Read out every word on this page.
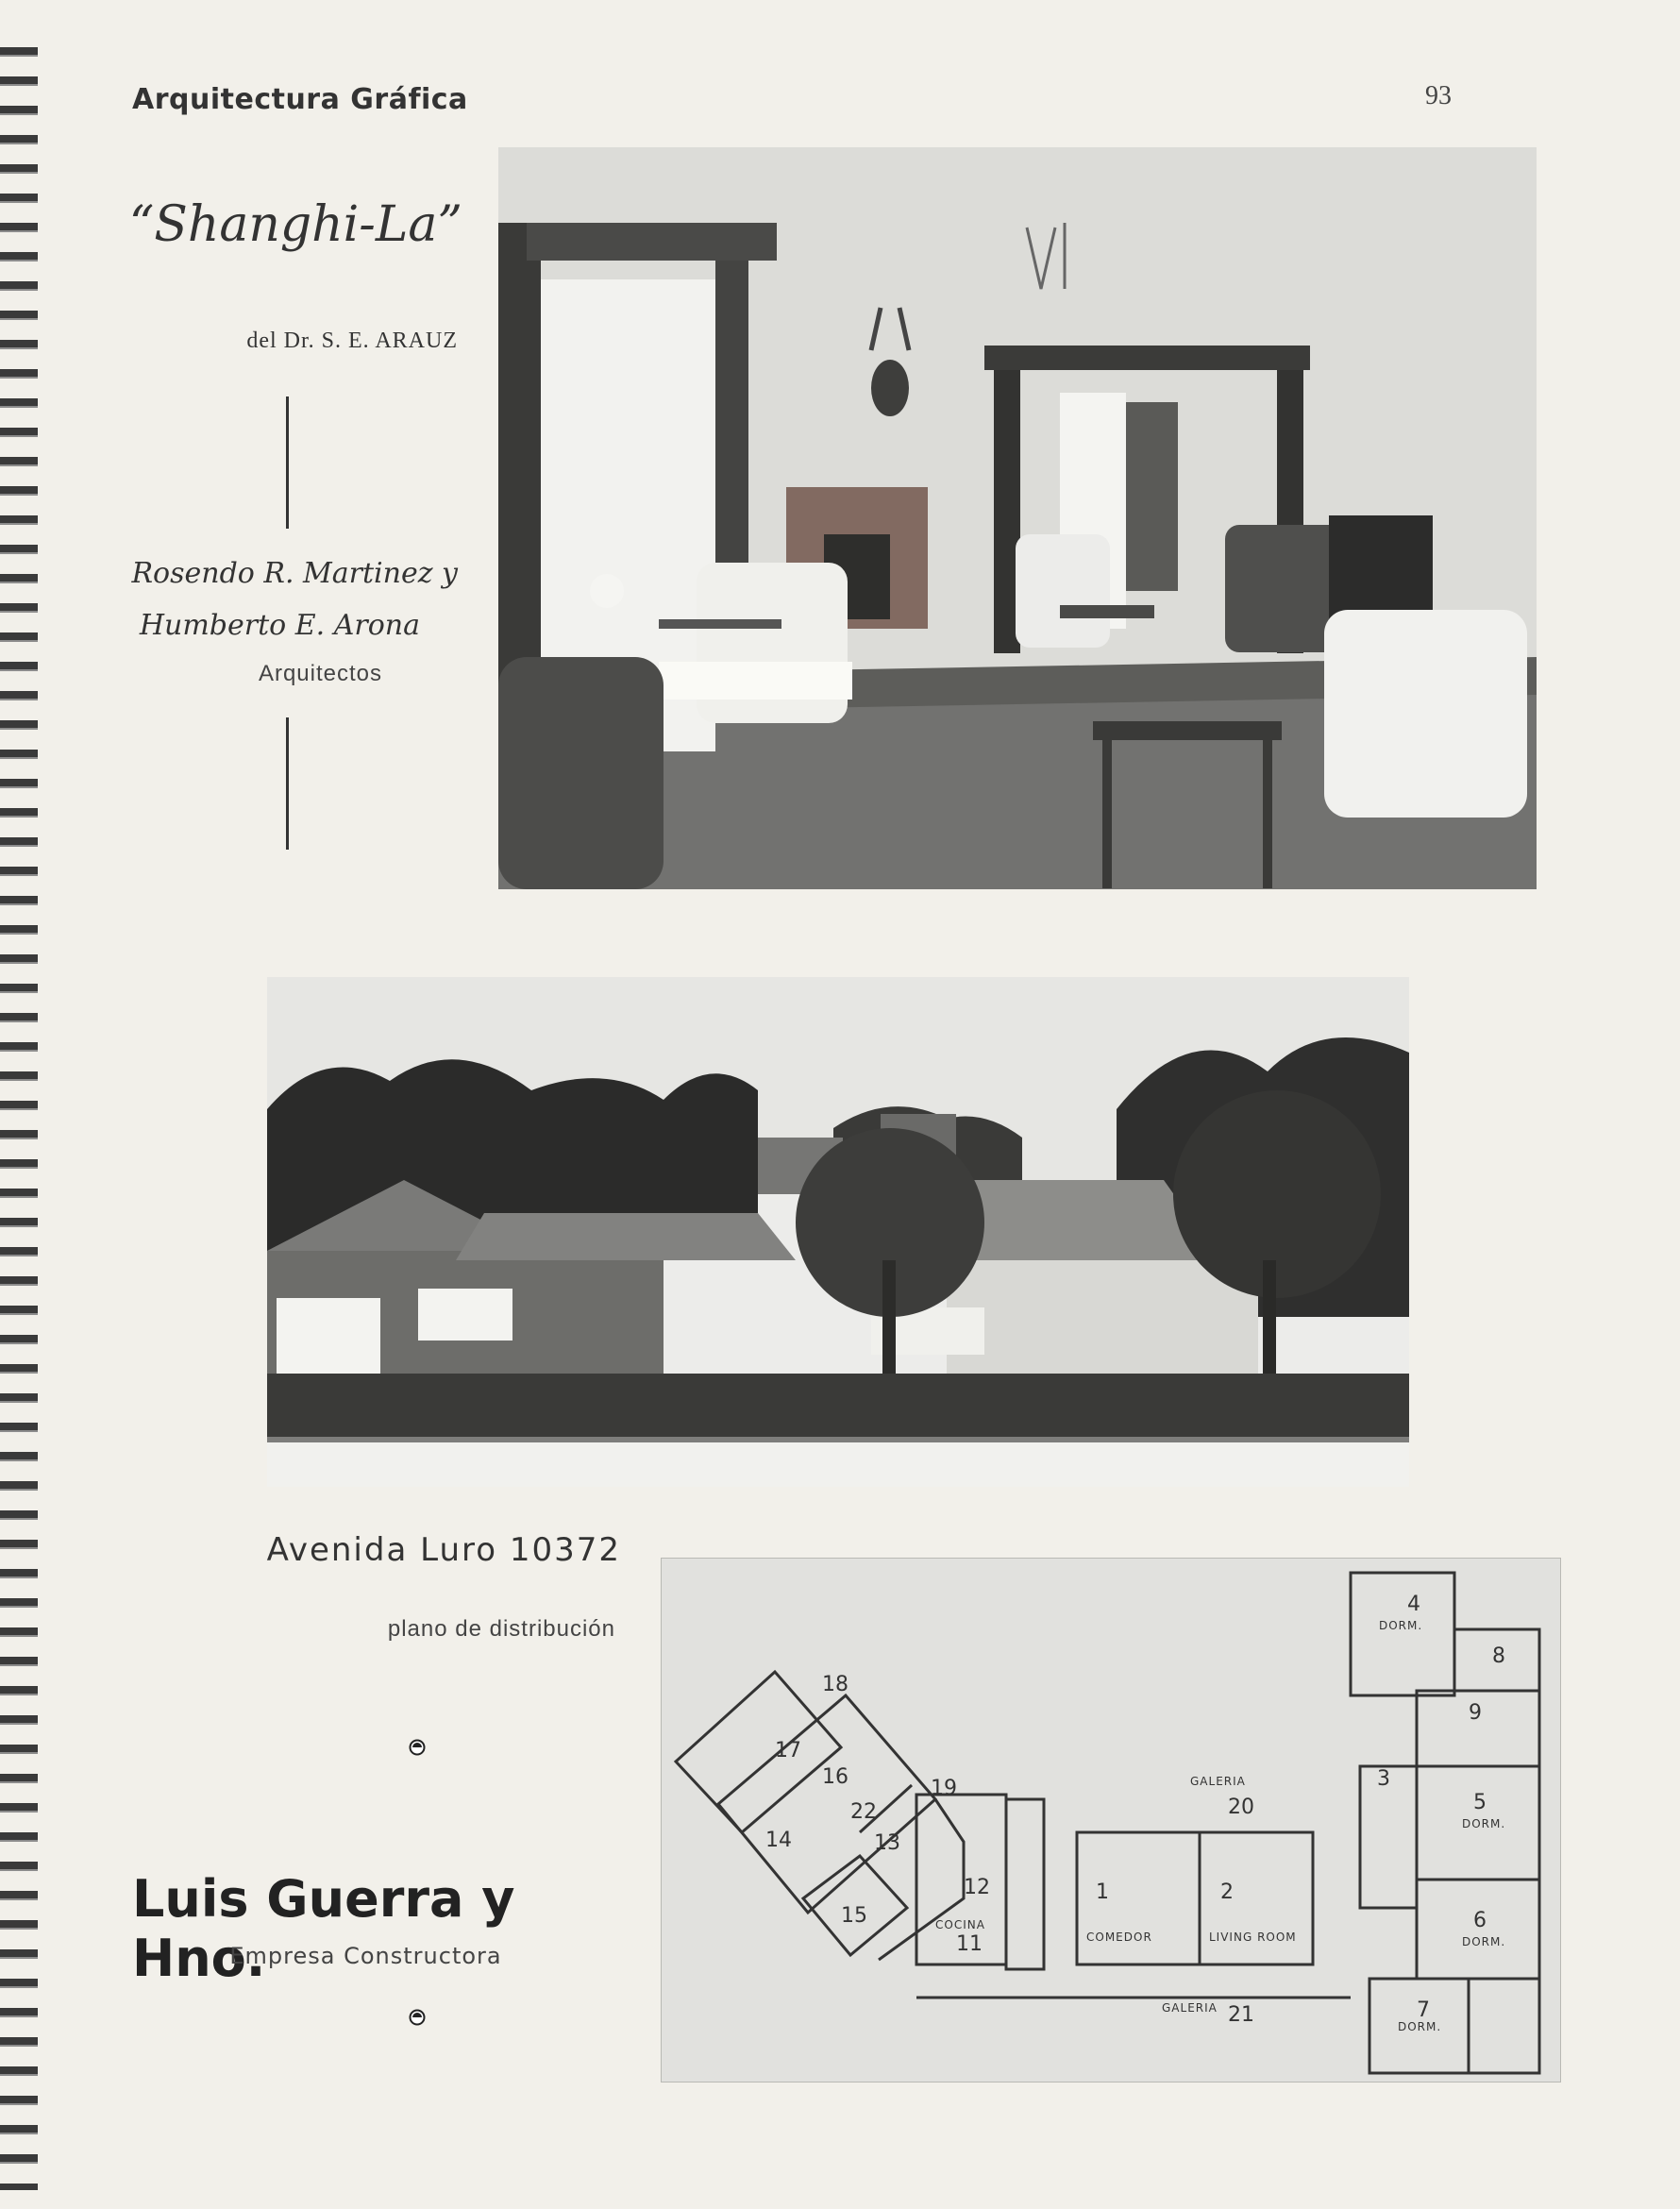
Arquitectura Gráfica	93
“Shanghi-La”
del Dr. S. E. ARAUZ
Rosendo R. Martinez y
Humberto E. Arona
Arquitectos
Avenida Luro 10372
plano de distribución
Luis Guerra y Hno.
Empresa Constructora
1	2
3
4
5
6
7
8
9
11
12
13
14
15
16
17
18
19
20
21
22
COMEDOR	LIVING ROOM
DORM.
DORM.
DORM.
DORM.
COCINA
GALERIA
GALERIA
